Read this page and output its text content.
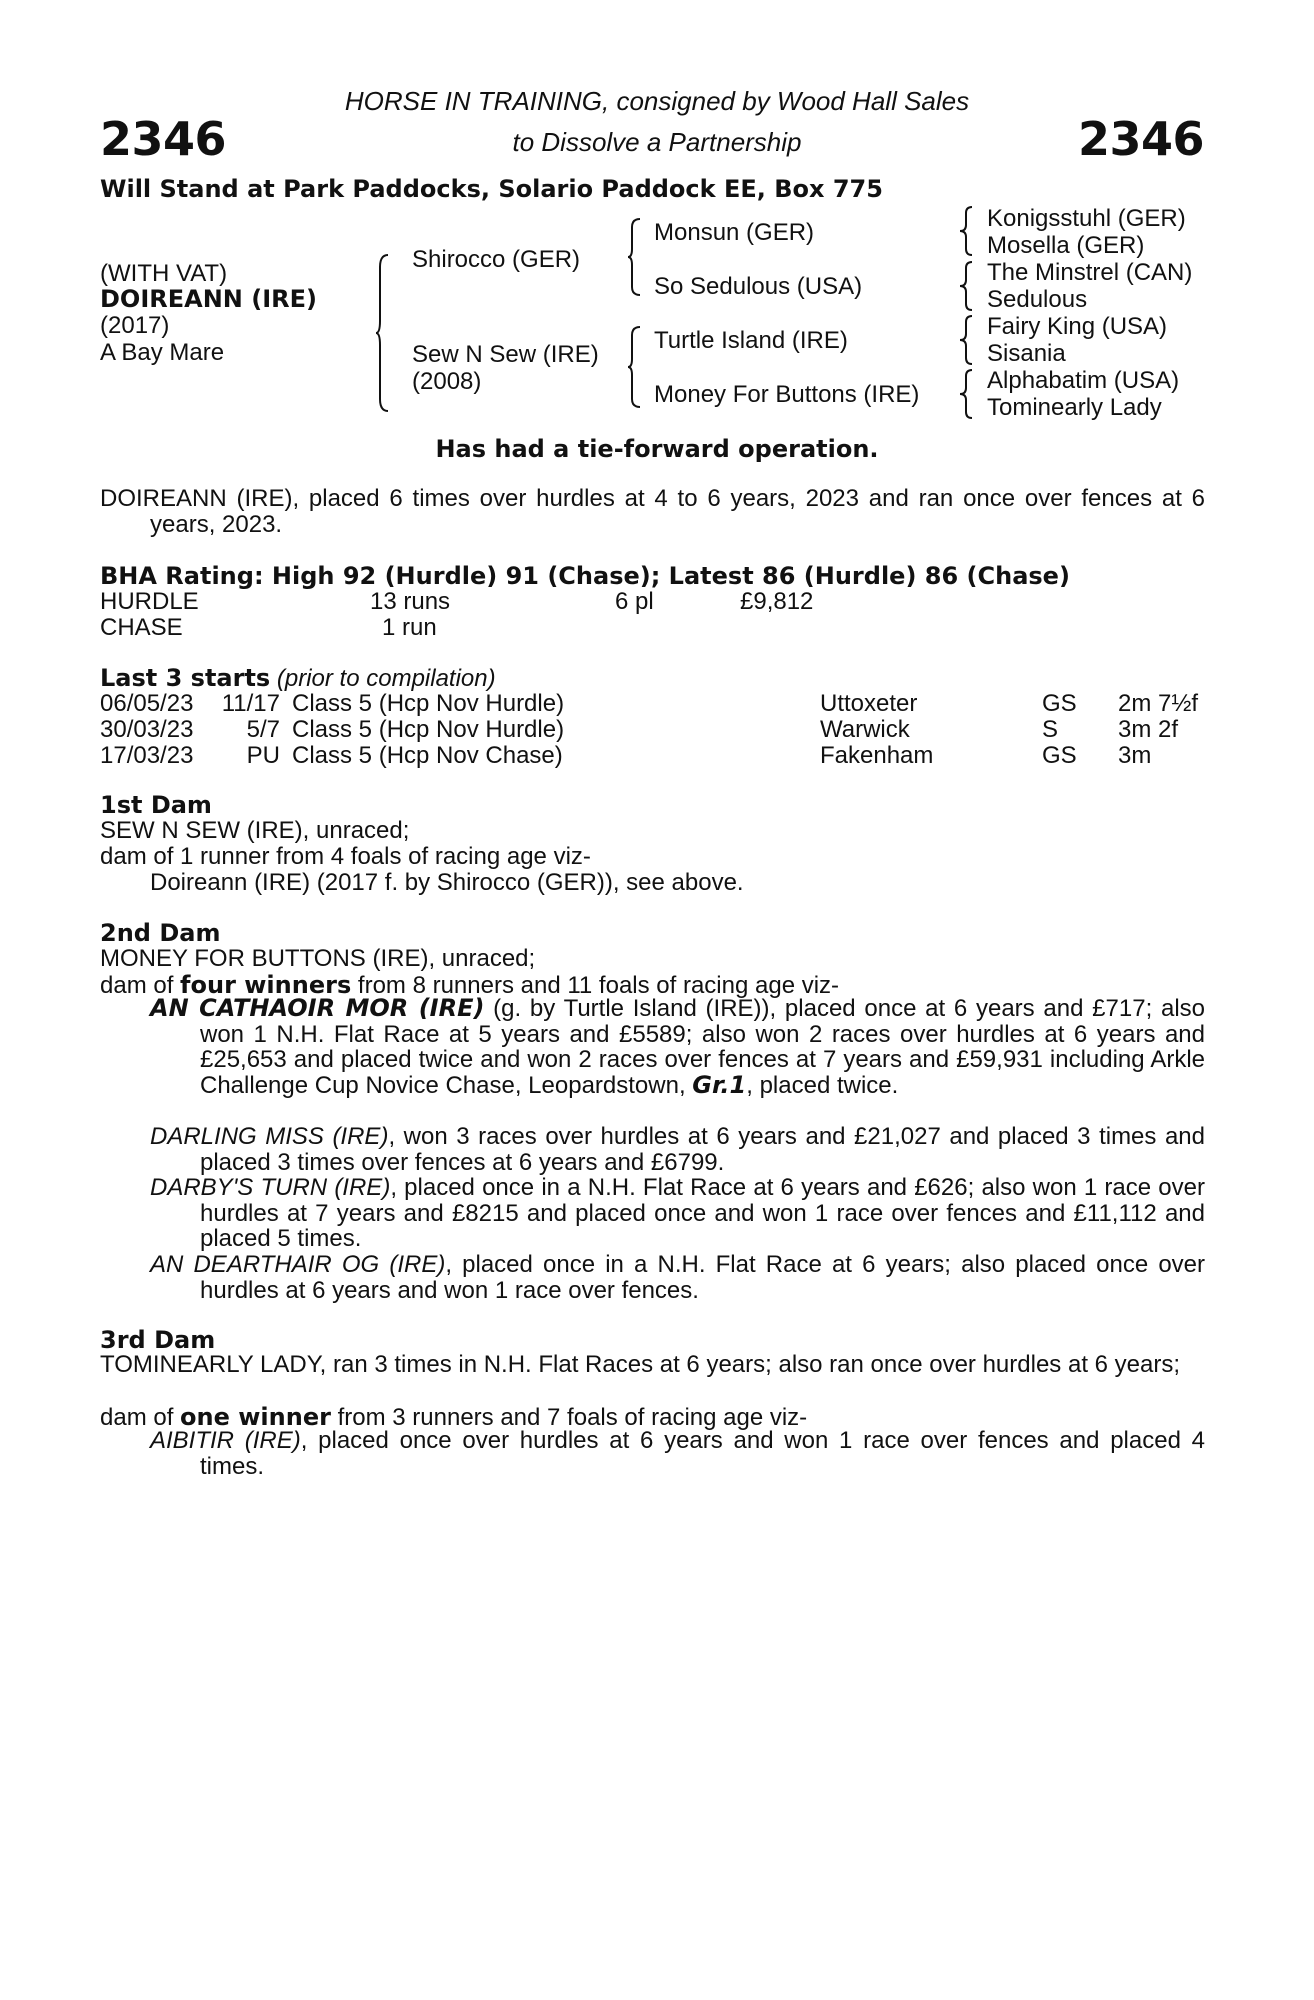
2346	2346
HORSE IN TRAINING, consigned by Wood Hall Sales
to Dissolve a Partnership
Will Stand at Park Paddocks, Solario Paddock EE, Box 775
(WITH VAT)
DOIREANN (IRE)
(2017)
A Bay Mare
Shirocco (GER)
Sew N Sew (IRE)
(2008)
Monsun (GER)
So Sedulous (USA)
Turtle Island (IRE)
Money For Buttons (IRE)
Konigsstuhl (GER)
Mosella (GER)
The Minstrel (CAN)
Sedulous
Fairy King (USA)
Sisania
Alphabatim (USA)
Tominearly Lady
Has had a tie-forward operation.

DOIREANN (IRE), placed 6 times over hurdles at 4 to 6 years, 2023 and ran once over fences at 6 years, 2023.

BHA Rating: High 92 (Hurdle) 91 (Chase); Latest 86 (Hurdle) 86 (Chase)
HURDLE	13 runs	6 pl	£9,812
CHASE	1 run
Last 3 starts (prior to compilation)
06/05/23	11/17 Class 5 (Hcp Nov Hurdle)	Uttoxeter	GS 2m 7½f
30/03/23	5/7 Class 5 (Hcp Nov Hurdle)	Warwick	S 3m 2f
17/03/23	PU Class 5 (Hcp Nov Chase)	Fakenham	GS 3m
1st Dam
SEW N SEW (IRE), unraced;
dam of 1 runner from 4 foals of racing age viz-
Doireann (IRE) (2017 f. by Shirocco (GER)), see above.
2nd Dam
MONEY FOR BUTTONS (IRE), unraced;
dam of four winners from 8 runners and 11 foals of racing age viz-

AN CATHAOIR MOR (IRE) (g. by Turtle Island (IRE)), placed once at 6 years and £717; also won 1 N.H. Flat Race at 5 years and £5589; also won 2 races over hurdles at 6 years and £25,653 and placed twice and won 2 races over fences at 7 years and £59,931 including Arkle Challenge Cup Novice Chase, Leopardstown, Gr.1, placed twice.

DARLING MISS (IRE), won 3 races over hurdles at 6 years and £21,027 and placed 3 times and placed 3 times over fences at 6 years and £6799.

DARBY'S TURN (IRE), placed once in a N.H. Flat Race at 6 years and £626; also won 1 race over hurdles at 7 years and £8215 and placed once and won 1 race over fences and £11,112 and placed 5 times.

AN DEARTHAIR OG (IRE), placed once in a N.H. Flat Race at 6 years; also placed once over hurdles at 6 years and won 1 race over fences.

3rd Dam

TOMINEARLY LADY, ran 3 times in N.H. Flat Races at 6 years; also ran once over hurdles at 6 years;

dam of one winner from 3 runners and 7 foals of racing age viz-

AIBITIR (IRE), placed once over hurdles at 6 years and won 1 race over fences and placed 4 times.
